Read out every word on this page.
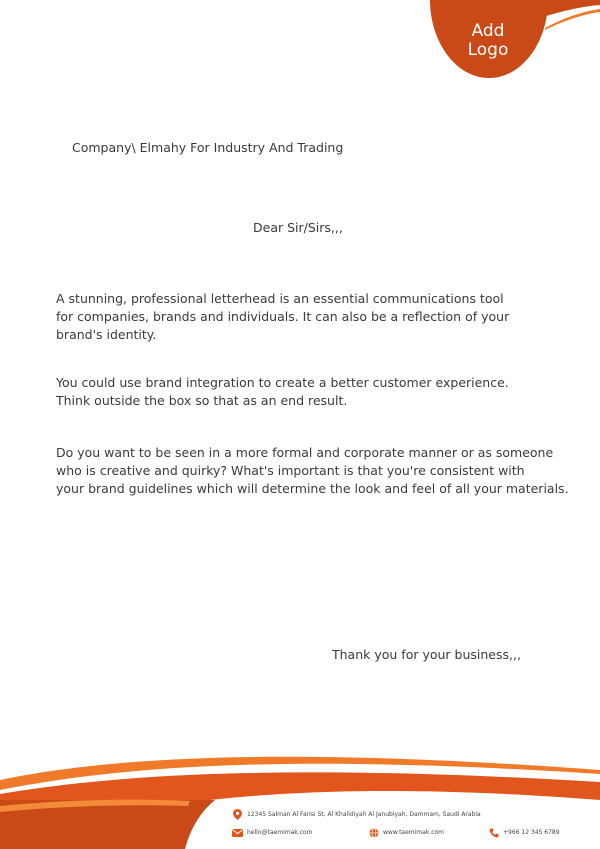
Add
Logo
Company\ Elmahy For Industry And Trading
Dear Sir/Sirs,,,
A stunning, professional letterhead is an essential communications tool
for companies, brands and individuals. It can also be a reflection of your
brand's identity.
You could use brand integration to create a better customer experience.
Think outside the box so that as an end result.
Do you want to be seen in a more formal and corporate manner or as someone
who is creative and quirky? What's important is that you're consistent with
your brand guidelines which will determine the look and feel of all your materials.
Thank you for your business,,,
12345 Salman Al Farisi St, Al Khalidiyah Al Janubiyah, Dammam, Saudi Arabia
hello@taemimak.com	www.taemimak.com	+966 12 345 6789
